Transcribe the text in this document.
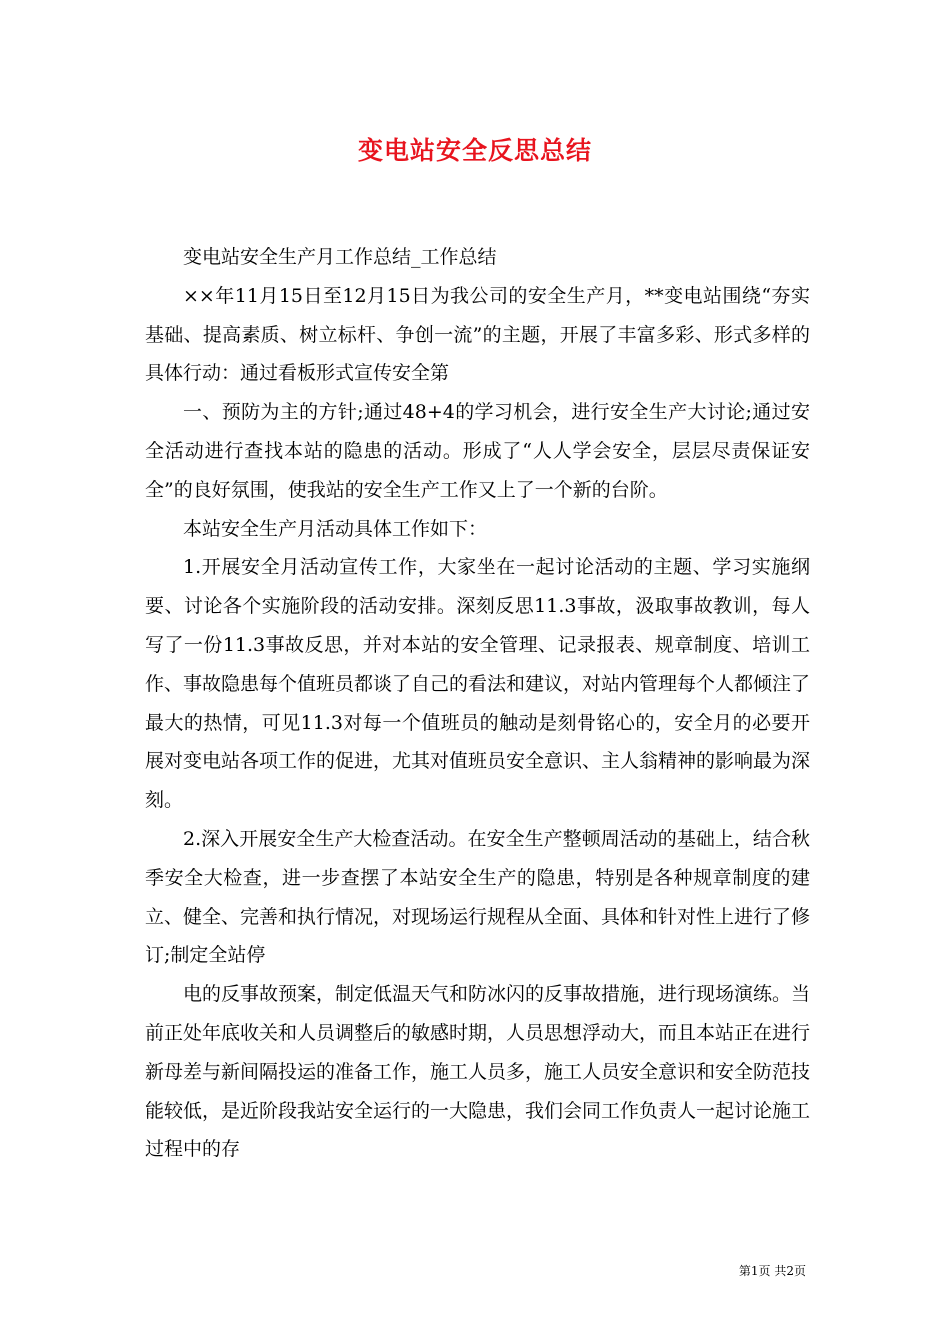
变电站安全反思总结

变电站安全生产月工作总结_工作总结

××年11月15日至12月15日为我公司的安全生产月，**变电站围绕“夯实基础、提高素质、树立标杆、争创一流”的主题，开展了丰富多彩、形式多样的具体行动：通过看板形式宣传安全第

一、预防为主的方针;通过48+4的学习机会，进行安全生产大讨论;通过安全活动进行查找本站的隐患的活动。形成了“人人学会安全，层层尽责保证安全”的良好氛围，使我站的安全生产工作又上了一个新的台阶。

本站安全生产月活动具体工作如下：

1.开展安全月活动宣传工作，大家坐在一起讨论活动的主题、学习实施纲要、讨论各个实施阶段的活动安排。深刻反思11.3事故，汲取事故教训，每人写了一份11.3事故反思，并对本站的安全管理、记录报表、规章制度、培训工作、事故隐患每个值班员都谈了自己的看法和建议，对站内管理每个人都倾注了最大的热情，可见11.3对每一个值班员的触动是刻骨铭心的，安全月的必要开展对变电站各项工作的促进，尤其对值班员安全意识、主人翁精神的影响最为深刻。

2.深入开展安全生产大检查活动。在安全生产整顿周活动的基础上，结合秋季安全大检查，进一步查摆了本站安全生产的隐患，特别是各种规章制度的建立、健全、完善和执行情况，对现场运行规程从全面、具体和针对性上进行了修订;制定全站停

电的反事故预案，制定低温天气和防冰闪的反事故措施，进行现场演练。当前正处年底收关和人员调整后的敏感时期，人员思想浮动大，而且本站正在进行新母差与新间隔投运的准备工作，施工人员多，施工人员安全意识和安全防范技能较低，是近阶段我站安全运行的一大隐患，我们会同工作负责人一起讨论施工过程中的存

第1页 共2页
